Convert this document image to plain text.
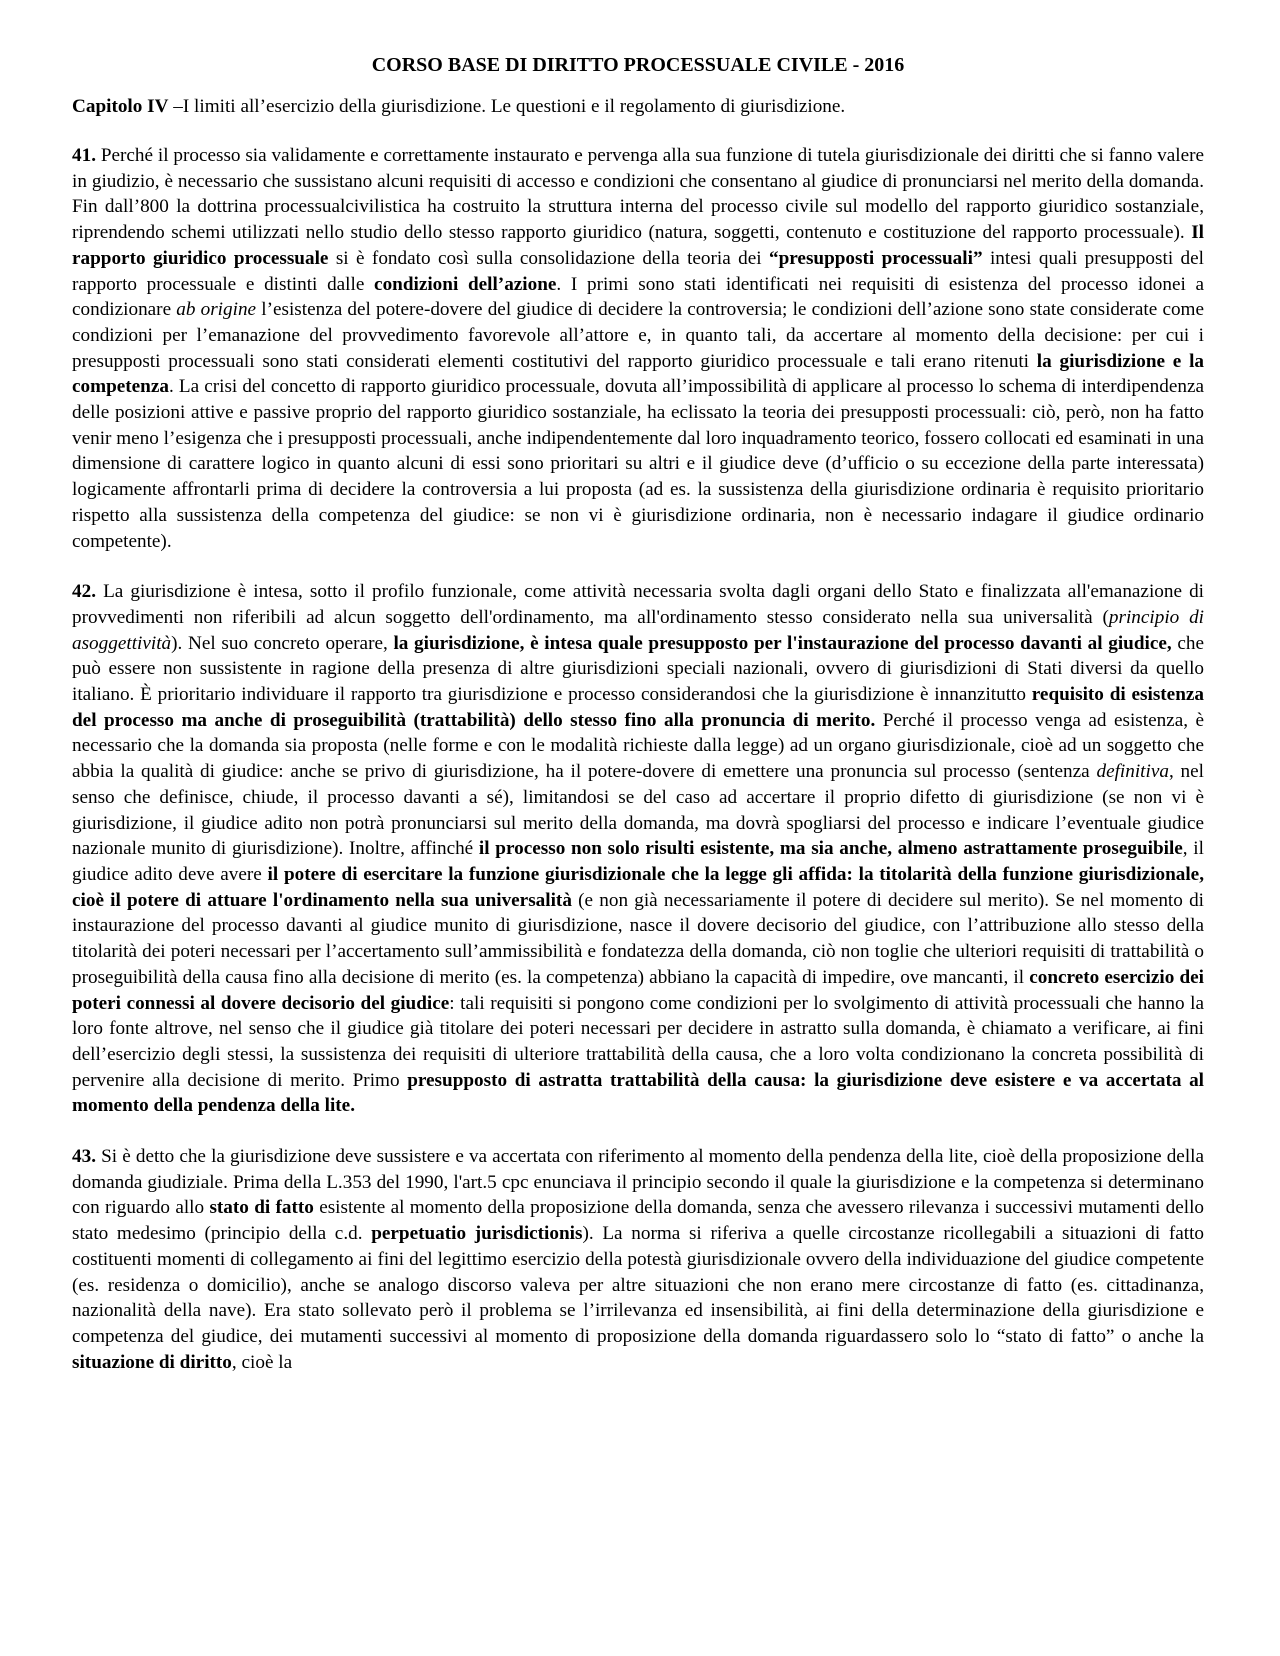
CORSO BASE DI DIRITTO PROCESSUALE CIVILE - 2016

Capitolo IV –I limiti all’esercizio della giurisdizione. Le questioni e il regolamento di giurisdizione.

41. Perché il processo sia validamente e correttamente instaurato e pervenga alla sua funzione di tutela giurisdizionale dei diritti che si fanno valere in giudizio, è necessario che sussistano alcuni requisiti di accesso e condizioni che consentano al giudice di pronunciarsi nel merito della domanda. Fin dall’800 la dottrina processualcivilistica ha costruito la struttura interna del processo civile sul modello del rapporto giuridico sostanziale, riprendendo schemi utilizzati nello studio dello stesso rapporto giuridico (natura, soggetti, contenuto e costituzione del rapporto processuale). Il rapporto giuridico processuale si è fondato così sulla consolidazione della teoria dei “presupposti processuali” intesi quali presupposti del rapporto processuale e distinti dalle condizioni dell’azione. I primi sono stati identificati nei requisiti di esistenza del processo idonei a condizionare ab origine l’esistenza del potere-dovere del giudice di decidere la controversia; le condizioni dell’azione sono state considerate come condizioni per l’emanazione del provvedimento favorevole all’attore e, in quanto tali, da accertare al momento della decisione: per cui i presupposti processuali sono stati considerati elementi costitutivi del rapporto giuridico processuale e tali erano ritenuti la giurisdizione e la competenza. La crisi del concetto di rapporto giuridico processuale, dovuta all’impossibilità di applicare al processo lo schema di interdipendenza delle posizioni attive e passive proprio del rapporto giuridico sostanziale, ha eclissato la teoria dei presupposti processuali: ciò, però, non ha fatto venir meno l’esigenza che i presupposti processuali, anche indipendentemente dal loro inquadramento teorico, fossero collocati ed esaminati in una dimensione di carattere logico in quanto alcuni di essi sono prioritari su altri e il giudice deve (d’ufficio o su eccezione della parte interessata) logicamente affrontarli prima di decidere la controversia a lui proposta (ad es. la sussistenza della giurisdizione ordinaria è requisito prioritario rispetto alla sussistenza della competenza del giudice: se non vi è giurisdizione ordinaria, non è necessario indagare il giudice ordinario competente).

42. La giurisdizione è intesa, sotto il profilo funzionale, come attività necessaria svolta dagli organi dello Stato e finalizzata all'emanazione di provvedimenti non riferibili ad alcun soggetto dell'ordinamento, ma all'ordinamento stesso considerato nella sua universalità (principio di asoggettività). Nel suo concreto operare, la giurisdizione, è intesa quale presupposto per l'instaurazione del processo davanti al giudice, che può essere non sussistente in ragione della presenza di altre giurisdizioni speciali nazionali, ovvero di giurisdizioni di Stati diversi da quello italiano. È prioritario individuare il rapporto tra giurisdizione e processo considerandosi che la giurisdizione è innanzitutto requisito di esistenza del processo ma anche di proseguibilità (trattabilità) dello stesso fino alla pronuncia di merito. Perché il processo venga ad esistenza, è necessario che la domanda sia proposta (nelle forme e con le modalità richieste dalla legge) ad un organo giurisdizionale, cioè ad un soggetto che abbia la qualità di giudice: anche se privo di giurisdizione, ha il potere-dovere di emettere una pronuncia sul processo (sentenza definitiva, nel senso che definisce, chiude, il processo davanti a sé), limitandosi se del caso ad accertare il proprio difetto di giurisdizione (se non vi è giurisdizione, il giudice adito non potrà pronunciarsi sul merito della domanda, ma dovrà spogliarsi del processo e indicare l’eventuale giudice nazionale munito di giurisdizione). Inoltre, affinché il processo non solo risulti esistente, ma sia anche, almeno astrattamente proseguibile, il giudice adito deve avere il potere di esercitare la funzione giurisdizionale che la legge gli affida: la titolarità della funzione giurisdizionale, cioè il potere di attuare l'ordinamento nella sua universalità (e non già necessariamente il potere di decidere sul merito). Se nel momento di instaurazione del processo davanti al giudice munito di giurisdizione, nasce il dovere decisorio del giudice, con l’attribuzione allo stesso della titolarità dei poteri necessari per l’accertamento sull’ammissibilità e fondatezza della domanda, ciò non toglie che ulteriori requisiti di trattabilità o proseguibilità della causa fino alla decisione di merito (es. la competenza) abbiano la capacità di impedire, ove mancanti, il concreto esercizio dei poteri connessi al dovere decisorio del giudice: tali requisiti si pongono come condizioni per lo svolgimento di attività processuali che hanno la loro fonte altrove, nel senso che il giudice già titolare dei poteri necessari per decidere in astratto sulla domanda, è chiamato a verificare, ai fini dell’esercizio degli stessi, la sussistenza dei requisiti di ulteriore trattabilità della causa, che a loro volta condizionano la concreta possibilità di pervenire alla decisione di merito. Primo presupposto di astratta trattabilità della causa: la giurisdizione deve esistere e va accertata al momento della pendenza della lite.

43. Si è detto che la giurisdizione deve sussistere e va accertata con riferimento al momento della pendenza della lite, cioè della proposizione della domanda giudiziale. Prima della L.353 del 1990, l'art.5 cpc enunciava il principio secondo il quale la giurisdizione e la competenza si determinano con riguardo allo stato di fatto esistente al momento della proposizione della domanda, senza che avessero rilevanza i successivi mutamenti dello stato medesimo (principio della c.d. perpetuatio jurisdictionis). La norma si riferiva a quelle circostanze ricollegabili a situazioni di fatto costituenti momenti di collegamento ai fini del legittimo esercizio della potestà giurisdizionale ovvero della individuazione del giudice competente (es. residenza o domicilio), anche se analogo discorso valeva per altre situazioni che non erano mere circostanze di fatto (es. cittadinanza, nazionalità della nave). Era stato sollevato però il problema se l’irrilevanza ed insensibilità, ai fini della determinazione della giurisdizione e competenza del giudice, dei mutamenti successivi al momento di proposizione della domanda riguardassero solo lo “stato di fatto” o anche la situazione di diritto, cioè la
